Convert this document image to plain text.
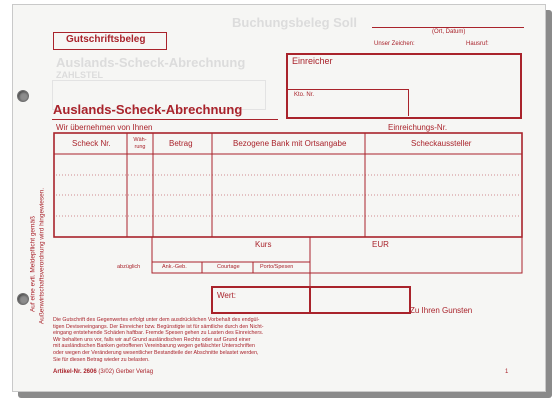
Buchungsbeleg Soll
Auslands-Scheck-Abrechnung
ZAHLSTEL
Gutschriftsbeleg
(Ort, Datum)
Unser Zeichen:	Hausruf:
Einreicher
Kto. Nr.
Auslands-Scheck-Abrechnung
Wir übernehmen von Ihnen	Einreichungs-Nr.
Auf eine evtl. Meldepflicht gemäß Außenwirtschaftsverordnung wird hingewiesen.
Scheck Nr.	Wäh-rung	Betrag	Bezogene Bank mit Ortsangabe	Scheckaussteller
Kurs	EUR
abzüglich	Ank.-Geb.	Courtage	Porto/Spesen
Wert:
Zu Ihren Gunsten
Die Gutschrift des Gegenwertes erfolgt unter dem ausdrücklichen Vorbehalt des endgül-
tigen Deviseneingangs. Der Einreicher bzw. Begünstigte ist für sämtliche durch den Nicht-
eingang entstehende Schäden haftbar. Fremde Spesen gehen zu Lasten des Einreichers.
Wir behalten uns vor, falls wir auf Grund ausländischen Rechts oder auf Grund einer
mit ausländischen Banken getroffenen Vereinbarung wegen gefälschter Unterschriften
oder wegen der Veränderung wesentlicher Bestandteile der Abschnitte belastet werden,
Sie für diesen Betrag wieder zu belasten.
Artikel-Nr. 2606 (3/02) Gerber Verlag	1
